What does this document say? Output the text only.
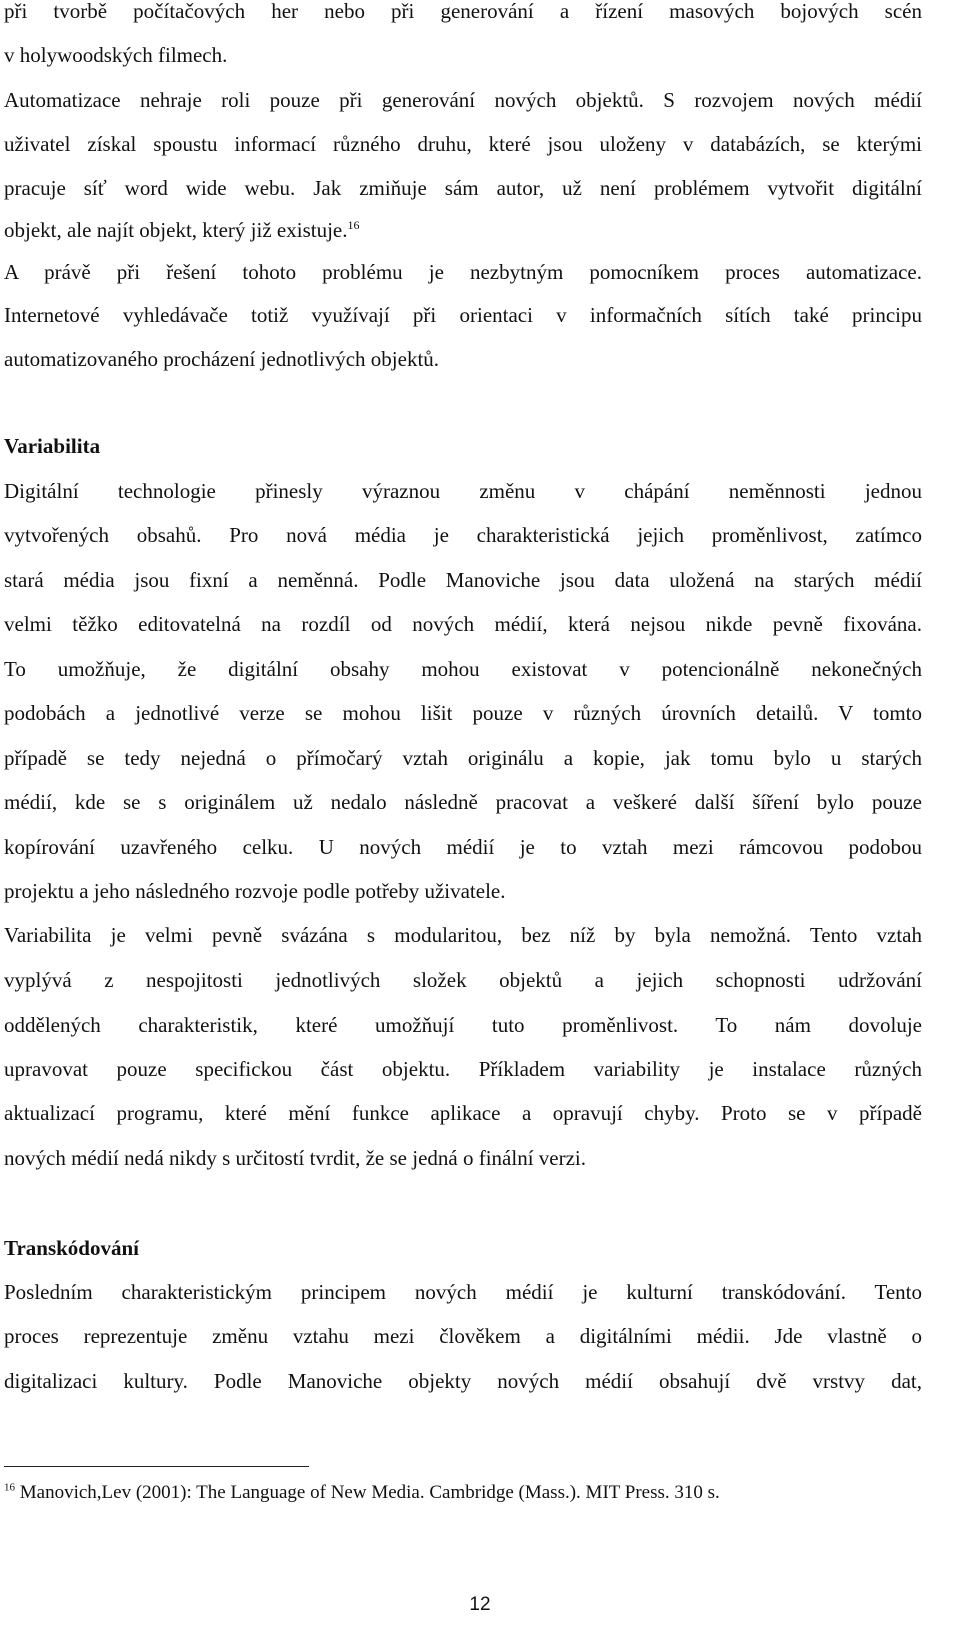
při tvorbě počítačových her nebo při generování a řízení masových bojových scén
v holywoodských filmech.
Automatizace nehraje roli pouze při generování nových objektů. S rozvojem nových médií
uživatel získal spoustu informací různého druhu, které jsou uloženy v databázích, se kterými
pracuje síť word wide webu. Jak zmiňuje sám autor, už není problémem vytvořit digitální
objekt, ale najít objekt, který již existuje.$^{16}$
A právě při řešení tohoto problému je nezbytným pomocníkem proces automatizace.
Internetové vyhledávače totiž využívají při orientaci v informačních sítích také principu
automatizovaného procházení jednotlivých objektů.
Variabilita
Digitální technologie přinesly výraznou změnu v chápání neměnnosti jednou
vytvořených obsahů. Pro nová média je charakteristická jejich proměnlivost, zatímco
stará média jsou fixní a neměnná. Podle Manoviche jsou data uložená na starých médií
velmi těžko editovatelná na rozdíl od nových médií, která nejsou nikde pevně fixována.
To umožňuje, že digitální obsahy mohou existovat v potencionálně nekonečných
podobách a jednotlivé verze se mohou lišit pouze v různých úrovních detailů. V tomto
případě se tedy nejedná o přímočarý vztah originálu a kopie, jak tomu bylo u starých
médií, kde se s originálem už nedalo následně pracovat a veškeré další šíření bylo pouze
kopírování uzavřeného celku. U nových médií je to vztah mezi rámcovou podobou
projektu a jeho následného rozvoje podle potřeby uživatele.
Variabilita je velmi pevně svázána s modularitou, bez níž by byla nemožná. Tento vztah
vyplývá z nespojitosti jednotlivých složek objektů a jejich schopnosti udržování
oddělených charakteristik, které umožňují tuto proměnlivost. To nám dovoluje
upravovat pouze specifickou část objektu. Příkladem variability je instalace různých
aktualizací programu, které mění funkce aplikace a opravují chyby. Proto se v případě
nových médií nedá nikdy s určitostí tvrdit, že se jedná o finální verzi.
Transkódování
Posledním charakteristickým principem nových médií je kulturní transkódování. Tento
proces reprezentuje změnu vztahu mezi člověkem a digitálními médii. Jde vlastně o
digitalizaci kultury. Podle Manoviche objekty nových médií obsahují dvě vrstvy dat,
$^{16}$ Manovich,Lev (2001): The Language of New Media. Cambridge (Mass.). MIT Press. 310 s.
12
